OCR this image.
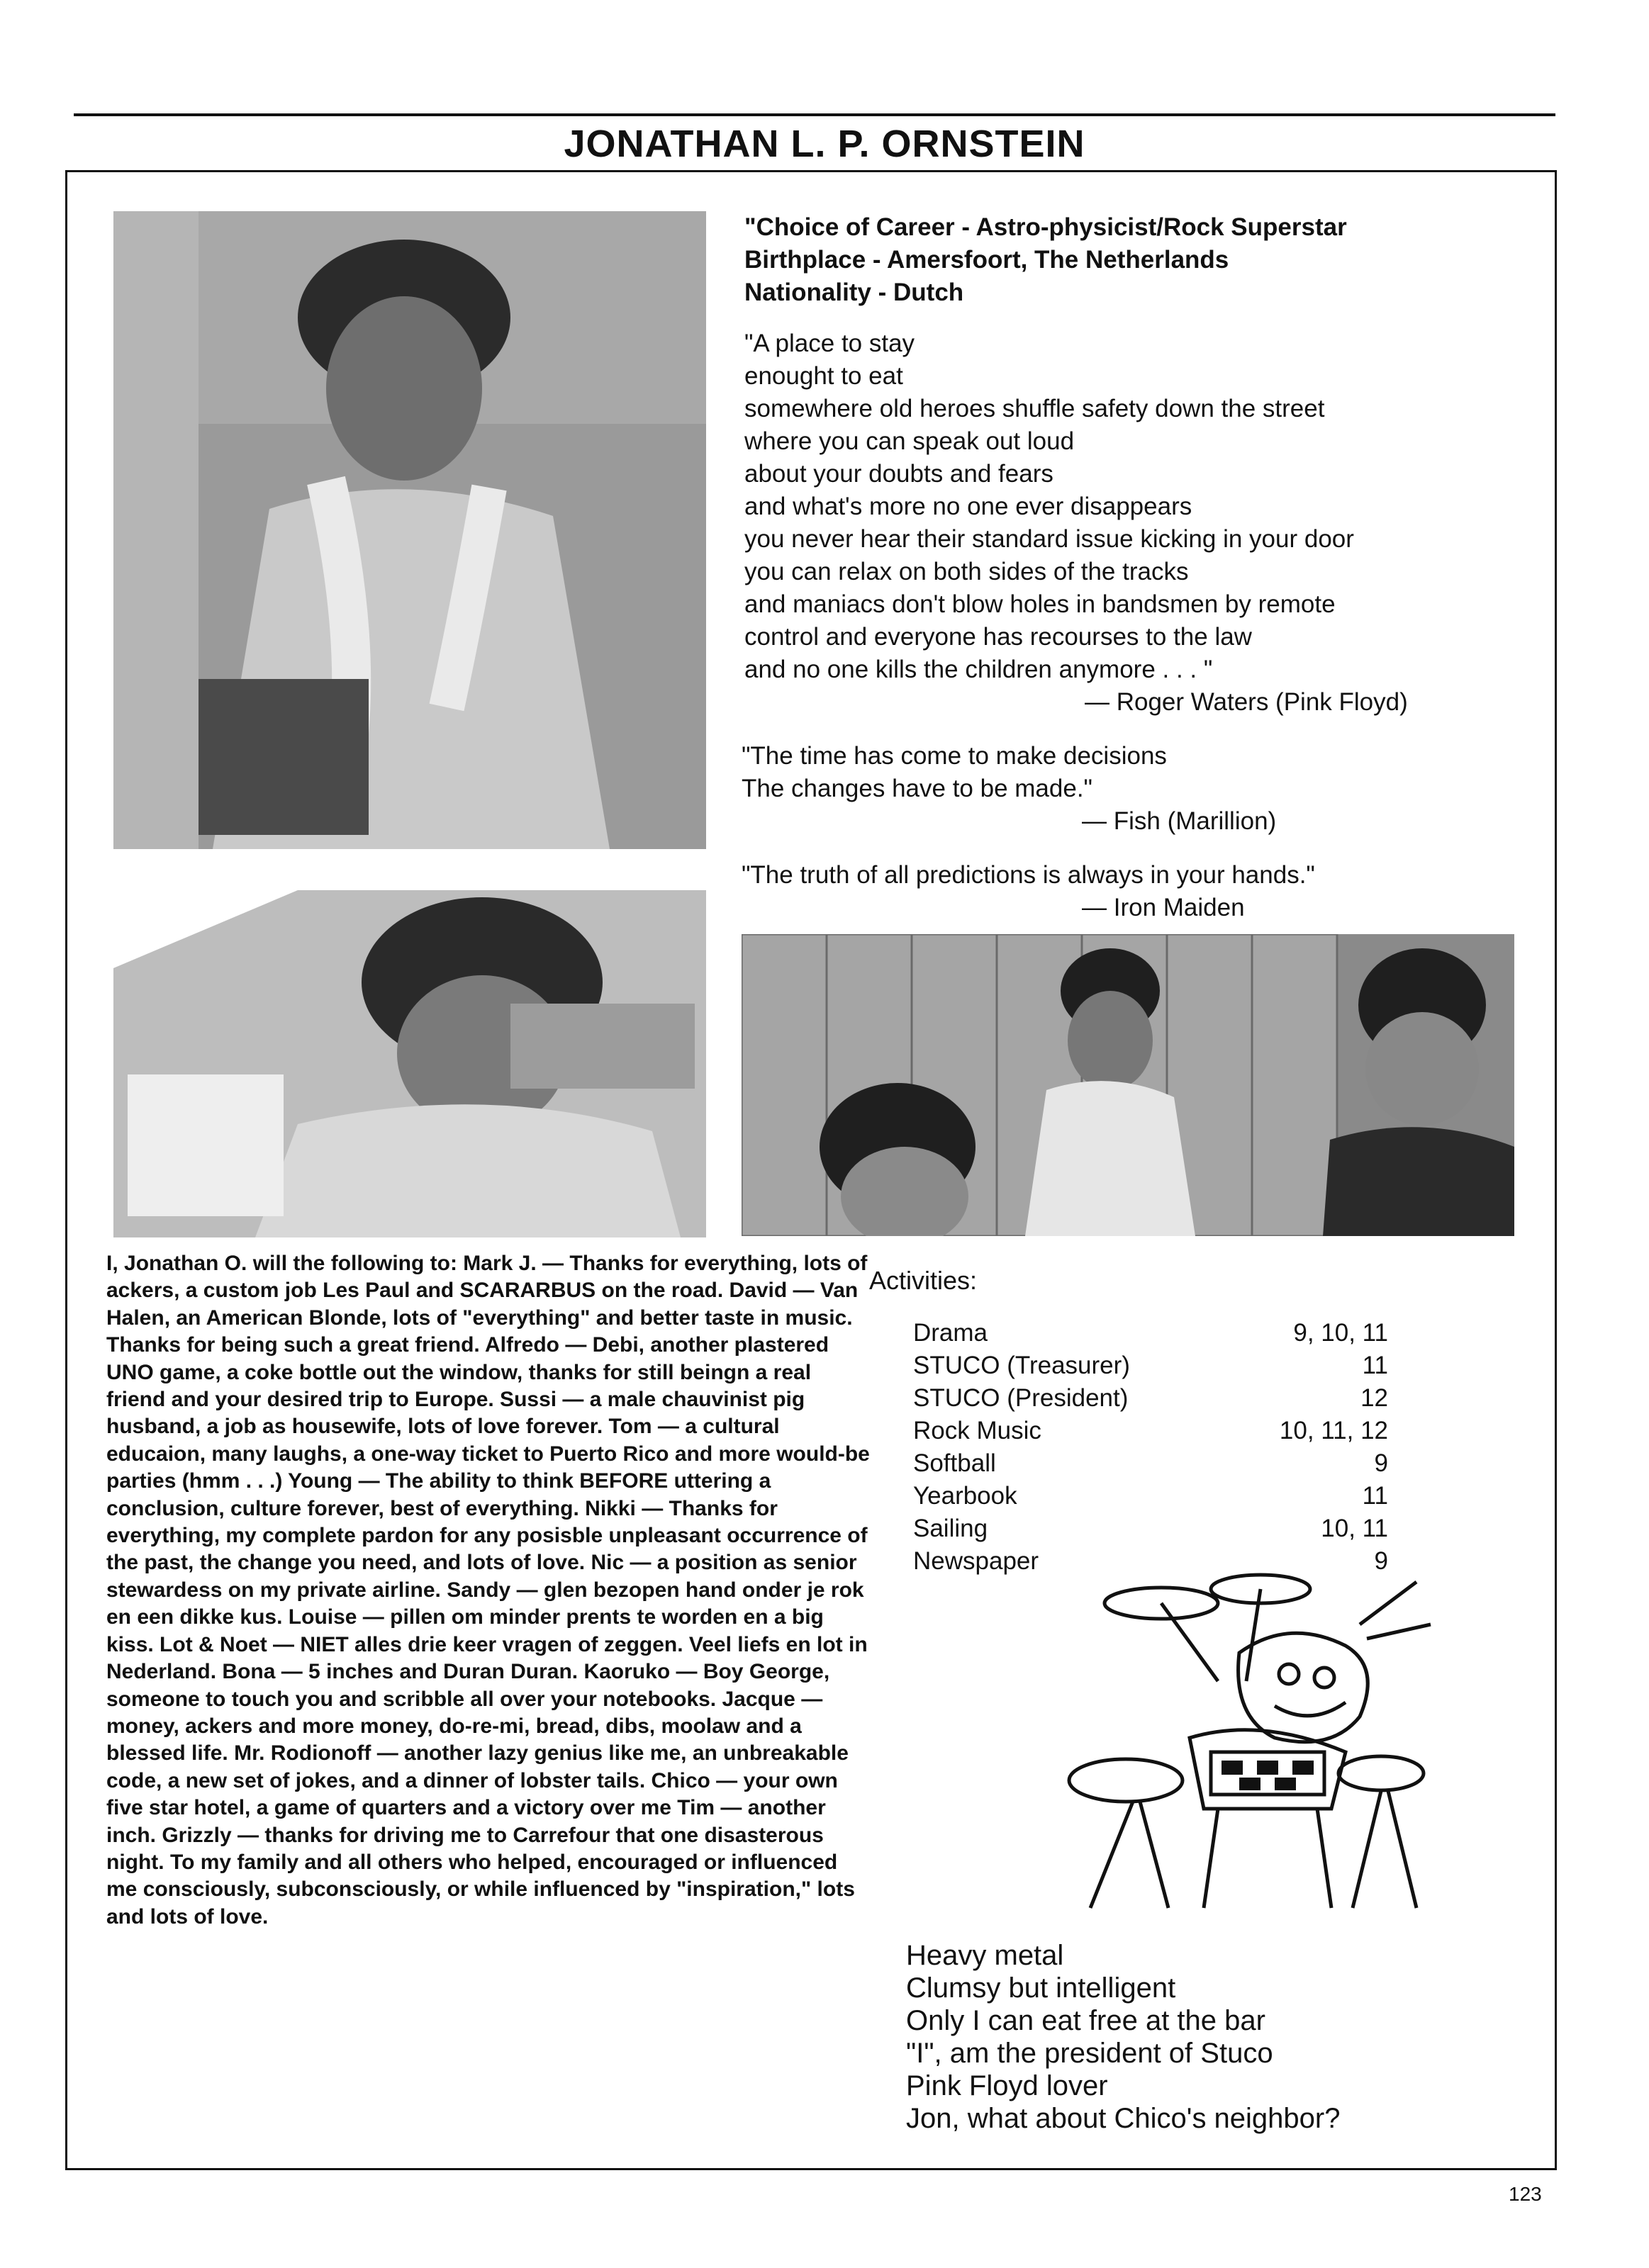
JONATHAN L. P. ORNSTEIN
"Choice of Career - Astro-physicist/Rock Superstar
Birthplace - Amersfoort, The Netherlands
Nationality - Dutch
"A place to stay
enought to eat
somewhere old heroes shuffle safety down the street
where you can speak out loud
about your doubts and fears
and what's more no one ever disappears
you never hear their standard issue kicking in your door
you can relax on both sides of the tracks
and maniacs don't blow holes in bandsmen by remote
control and everyone has recourses to the law
and no one kills the children anymore . . . "
— Roger Waters (Pink Floyd)
"The time has come to make decisions
The changes have to be made."
— Fish (Marillion)
"The truth of all predictions is always in your hands."
— Iron Maiden

I, Jonathan O. will the following to: Mark J. — Thanks for everything, lots of ackers, a custom job Les Paul and SCARARBUS on the road. David — Van Halen, an American Blonde, lots of "everything" and better taste in music. Thanks for being such a great friend. Alfredo — Debi, another plastered UNO game, a coke bottle out the window, thanks for still beingn a real friend and your desired trip to Europe. Sussi — a male chauvinist pig husband, a job as housewife, lots of love forever. Tom — a cultural educaion, many laughs, a one-way ticket to Puerto Rico and more would-be parties (hmm . . .) Young — The ability to think BEFORE uttering a conclusion, culture forever, best of everything. Nikki — Thanks for everything, my complete pardon for any posisble unpleasant occurrence of the past, the change you need, and lots of love. Nic — a position as senior stewardess on my private airline. Sandy — glen bezopen hand onder je rok en een dikke kus. Louise — pillen om minder prents te worden en a big kiss. Lot & Noet — NIET alles drie keer vragen of zeggen. Veel liefs en lot in Nederland. Bona — 5 inches and Duran Duran. Kaoruko — Boy George, someone to touch you and scribble all over your notebooks. Jacque — money, ackers and more money, do-re-mi, bread, dibs, moolaw and a blessed life. Mr. Rodionoff — another lazy genius like me, an unbreakable code, a new set of jokes, and a dinner of lobster tails. Chico — your own five star hotel, a game of quarters and a victory over me Tim — another inch. Grizzly — thanks for driving me to Carrefour that one disasterous night. To my family and all others who helped, encouraged or influenced me consciously, subconsciously, or while influenced by "inspiration," lots and lots of love.

Activities:
Drama	9, 10, 11
STUCO (Treasurer)	11
STUCO (President)	12
Rock Music	10, 11, 12
Softball	9
Yearbook	11
Sailing	10, 11
Newspaper	9
Heavy metal
Clumsy but intelligent
Only I can eat free at the bar
"I", am the president of Stuco
Pink Floyd lover
Jon, what about Chico's neighbor?
123
